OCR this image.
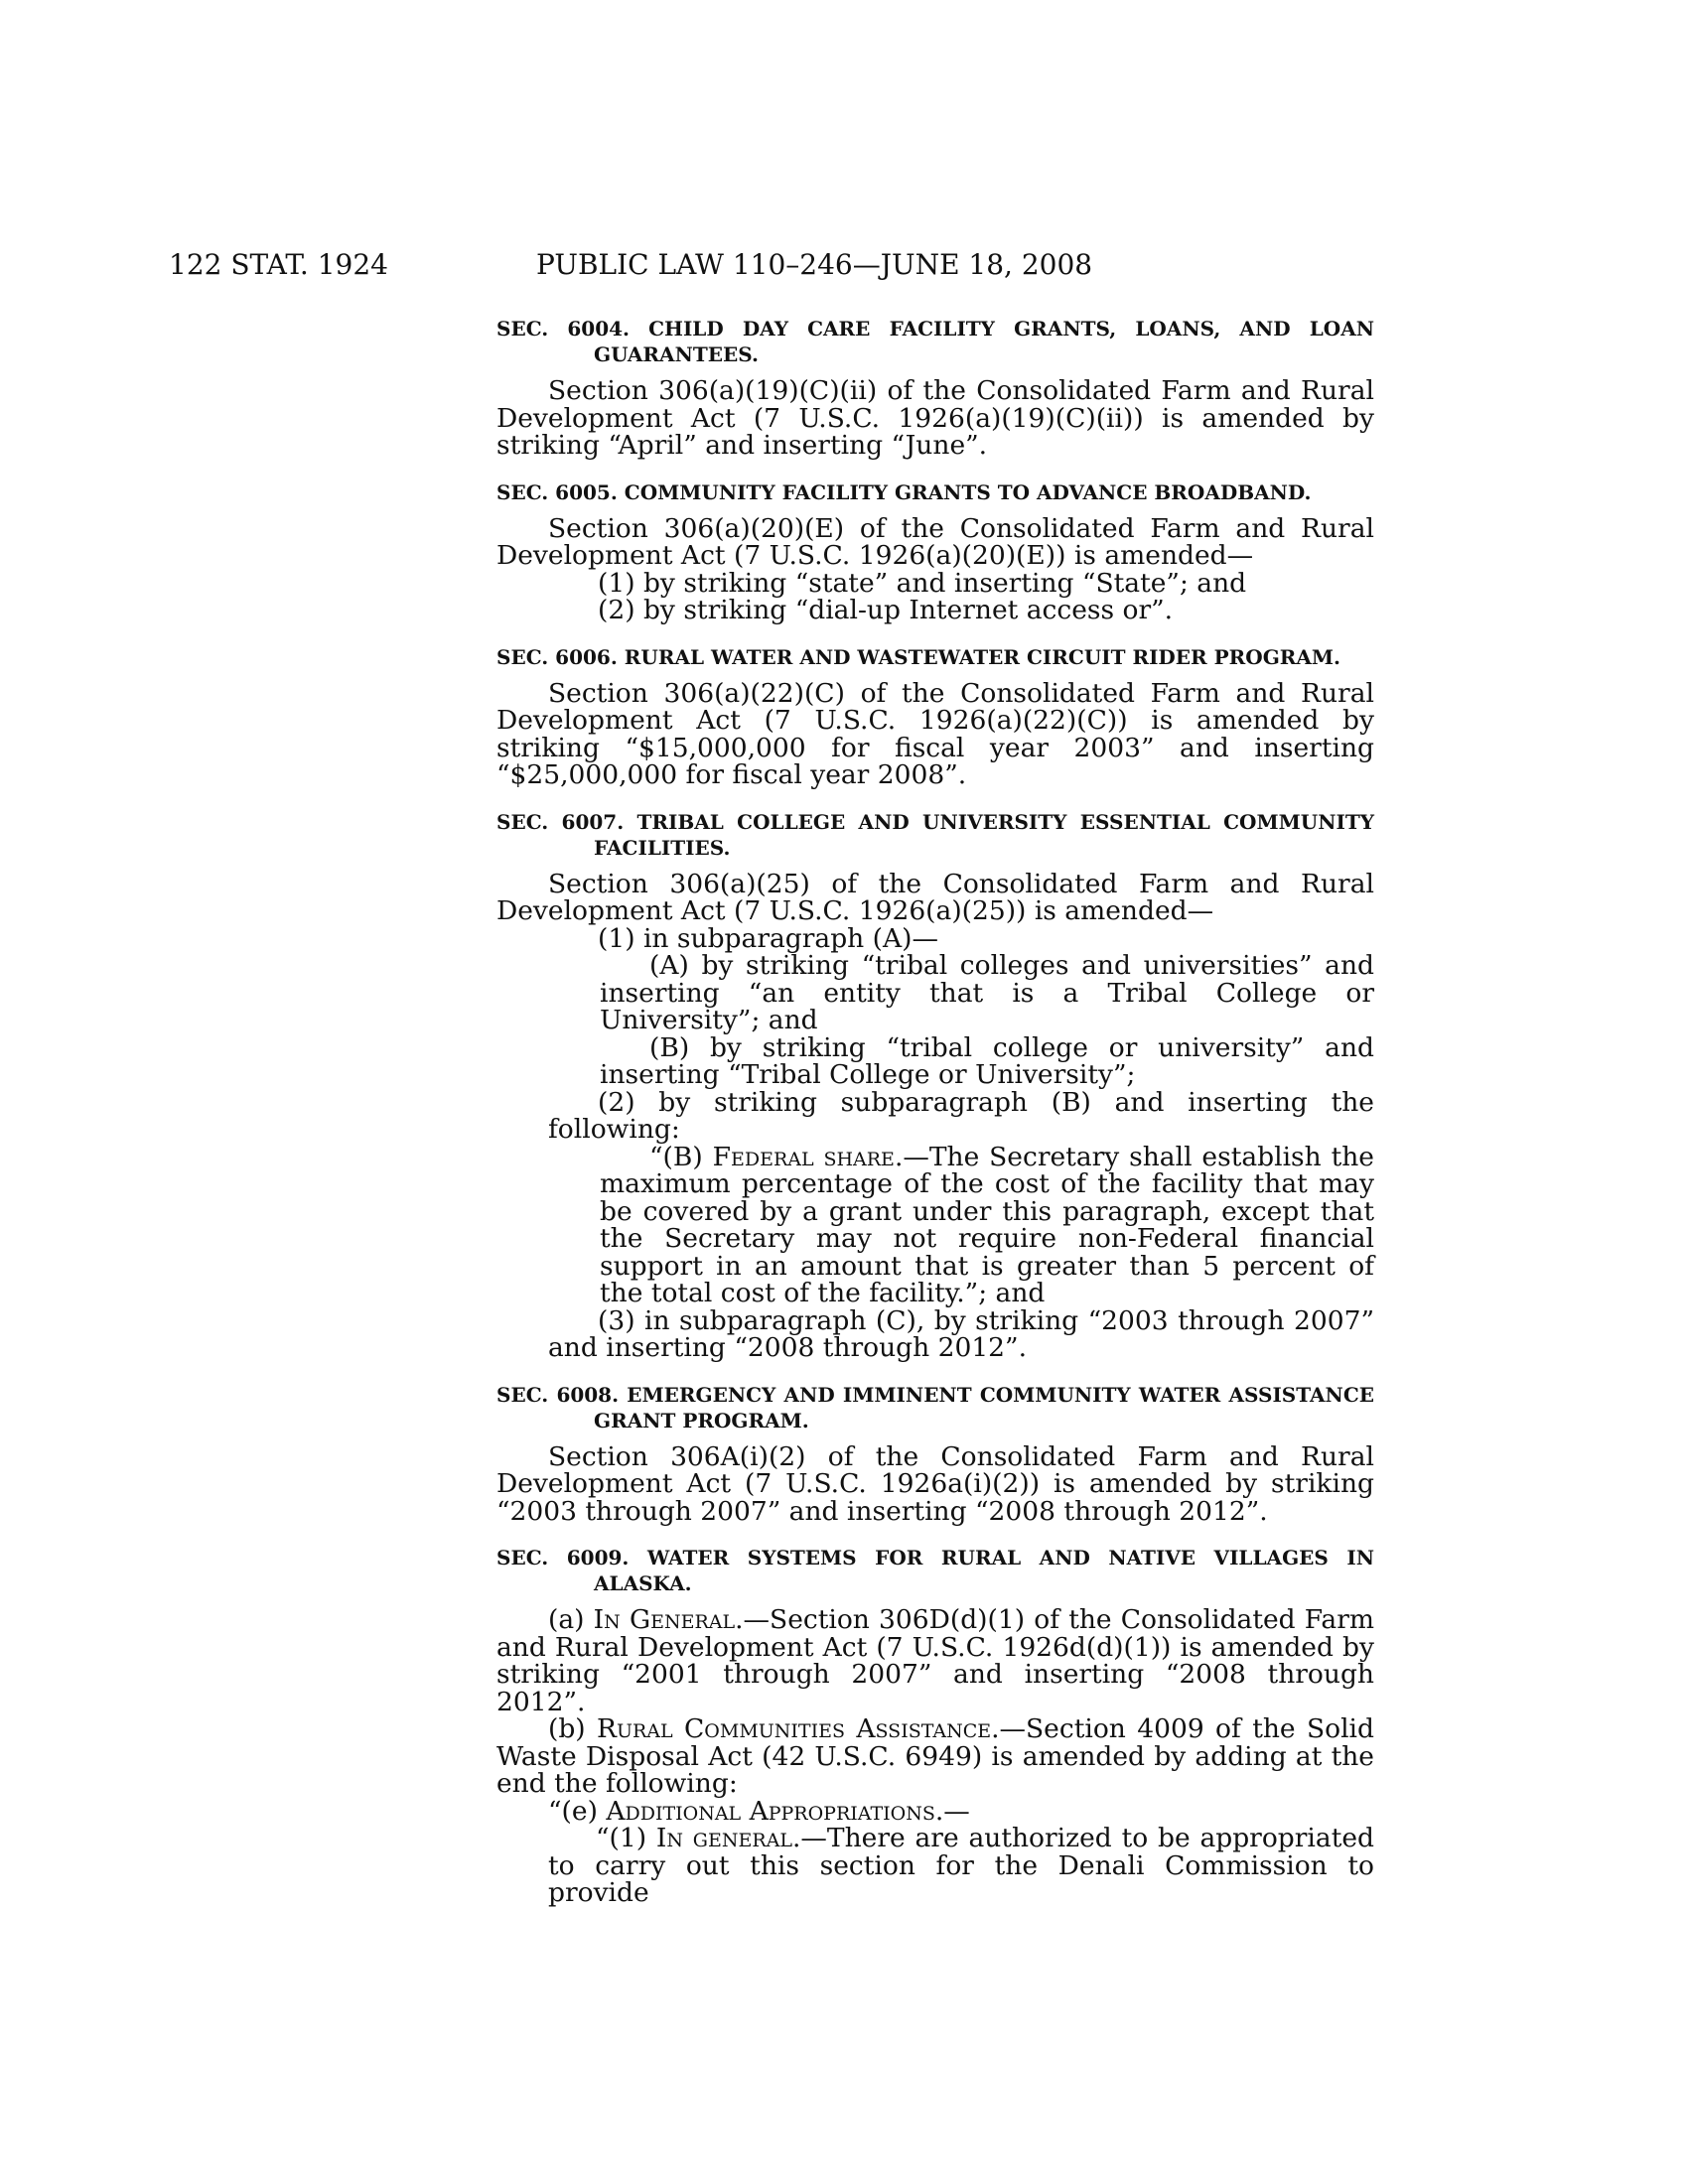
122 STAT. 1924	PUBLIC LAW 110–246—JUNE 18, 2008
SEC. 6004. CHILD DAY CARE FACILITY GRANTS, LOANS, AND LOAN GUARANTEES.

Section 306(a)(19)(C)(ii) of the Consolidated Farm and Rural Development Act (7 U.S.C. 1926(a)(19)(C)(ii)) is amended by striking “April” and inserting “June”.

SEC. 6005. COMMUNITY FACILITY GRANTS TO ADVANCE BROADBAND.

Section 306(a)(20)(E) of the Consolidated Farm and Rural Development Act (7 U.S.C. 1926(a)(20)(E)) is amended—

(1) by striking “state” and inserting “State”; and

(2) by striking “dial-up Internet access or”.

SEC. 6006. RURAL WATER AND WASTEWATER CIRCUIT RIDER PROGRAM.

Section 306(a)(22)(C) of the Consolidated Farm and Rural Development Act (7 U.S.C. 1926(a)(22)(C)) is amended by striking “$15,000,000 for fiscal year 2003” and inserting “$25,000,000 for fiscal year 2008”.

SEC. 6007. TRIBAL COLLEGE AND UNIVERSITY ESSENTIAL COMMUNITY FACILITIES.

Section 306(a)(25) of the Consolidated Farm and Rural Development Act (7 U.S.C. 1926(a)(25)) is amended—

(1) in subparagraph (A)—

(A) by striking “tribal colleges and universities” and inserting “an entity that is a Tribal College or University”; and

(B) by striking “tribal college or university” and inserting “Tribal College or University”;

(2) by striking subparagraph (B) and inserting the following:

“(B) Federal share.—The Secretary shall establish the maximum percentage of the cost of the facility that may be covered by a grant under this paragraph, except that the Secretary may not require non-Federal financial support in an amount that is greater than 5 percent of the total cost of the facility.”; and

(3) in subparagraph (C), by striking “2003 through 2007” and inserting “2008 through 2012”.

SEC. 6008. EMERGENCY AND IMMINENT COMMUNITY WATER ASSISTANCE GRANT PROGRAM.

Section 306A(i)(2) of the Consolidated Farm and Rural Development Act (7 U.S.C. 1926a(i)(2)) is amended by striking “2003 through 2007” and inserting “2008 through 2012”.

SEC. 6009. WATER SYSTEMS FOR RURAL AND NATIVE VILLAGES IN ALASKA.

(a) In General.—Section 306D(d)(1) of the Consolidated Farm and Rural Development Act (7 U.S.C. 1926d(d)(1)) is amended by striking “2001 through 2007” and inserting “2008 through 2012”.

(b) Rural Communities Assistance.—Section 4009 of the Solid Waste Disposal Act (42 U.S.C. 6949) is amended by adding at the end the following:

“(e) Additional Appropriations.—

“(1) In general.—There are authorized to be appropriated to carry out this section for the Denali Commission to provide
